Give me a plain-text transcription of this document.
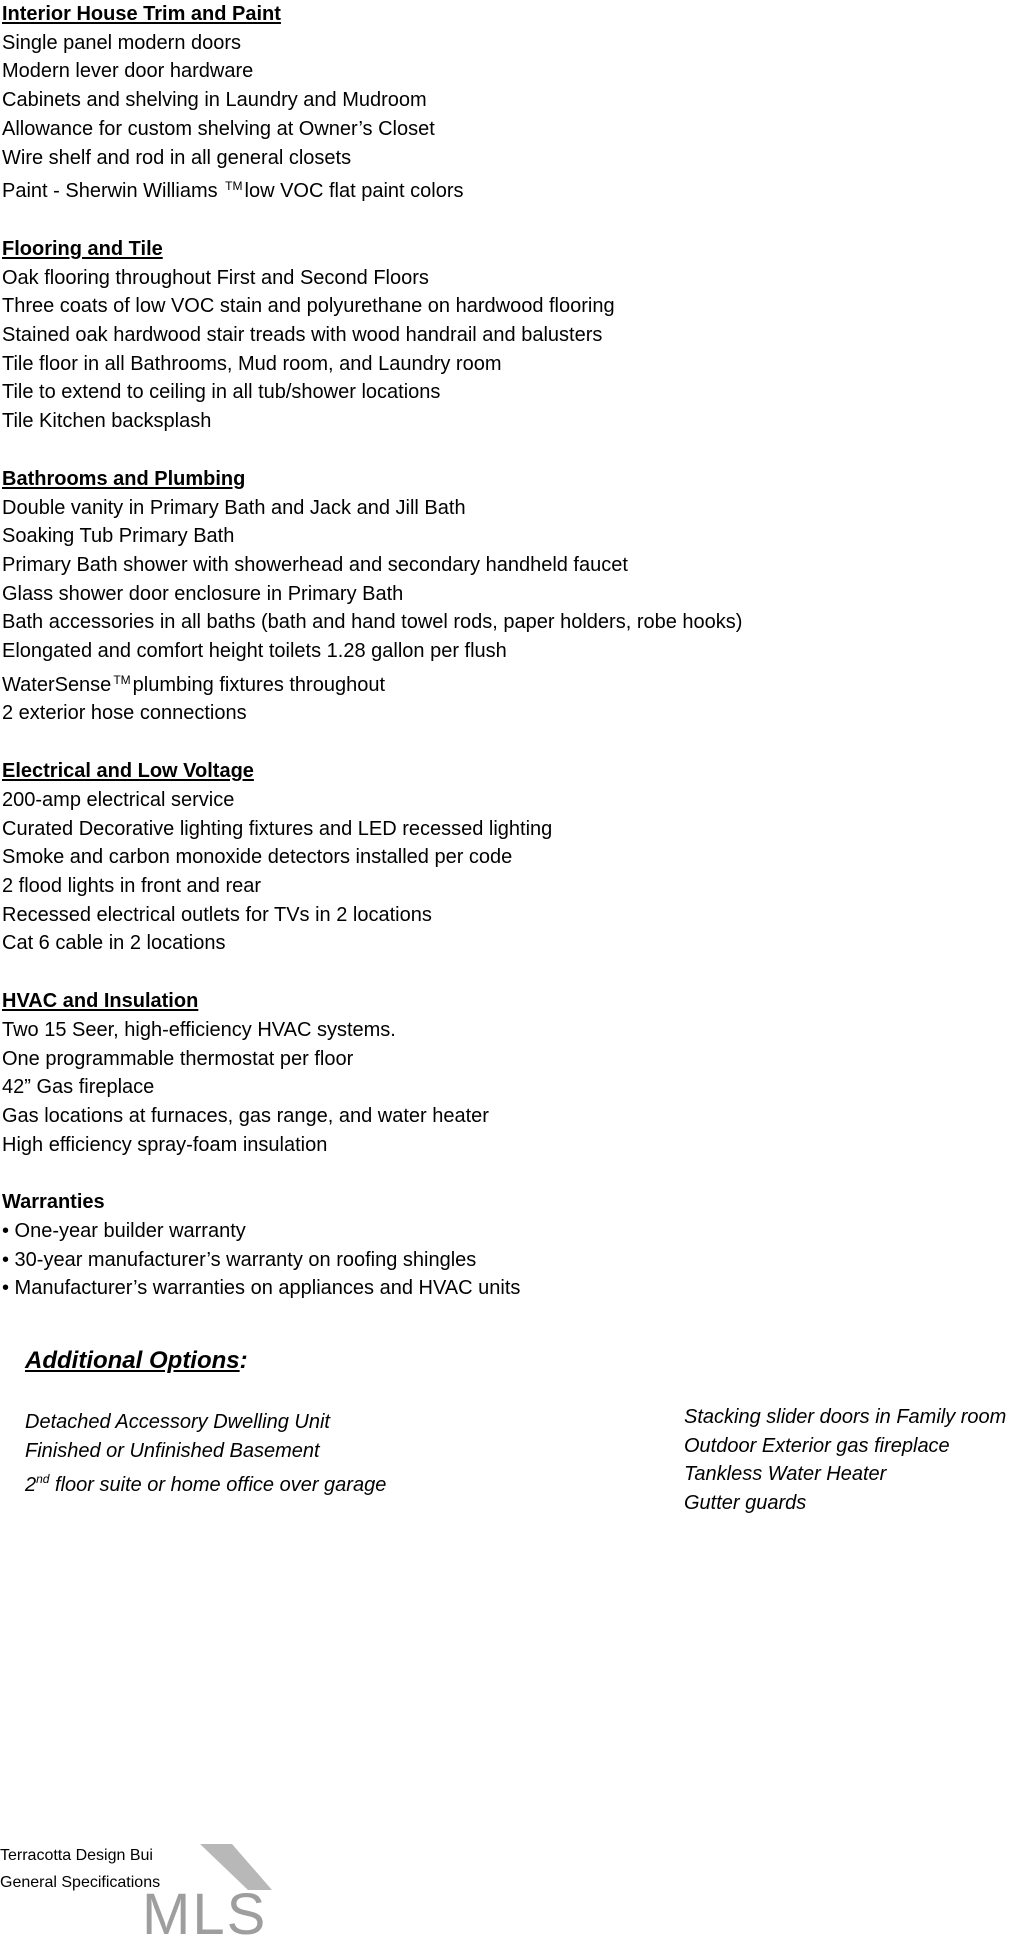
Interior House Trim and Paint
Single panel modern doors
Modern lever door hardware
Cabinets and shelving in Laundry and Mudroom
Allowance for custom shelving at Owner’s Closet
Wire shelf and rod in all general closets
Paint - Sherwin Williams ™ low VOC flat paint colors
Flooring and Tile
Oak flooring throughout First and Second Floors
Three coats of low VOC stain and polyurethane on hardwood flooring
Stained oak hardwood stair treads with wood handrail and balusters
Tile floor in all Bathrooms, Mud room, and Laundry room
Tile to extend to ceiling in all tub/shower locations
Tile Kitchen backsplash
Bathrooms and Plumbing
Double vanity in Primary Bath and Jack and Jill Bath
Soaking Tub Primary Bath
Primary Bath shower with showerhead and secondary handheld faucet
Glass shower door enclosure in Primary Bath
Bath accessories in all baths (bath and hand towel rods, paper holders, robe hooks)
Elongated and comfort height toilets 1.28 gallon per flush
WaterSense ™ plumbing fixtures throughout
2 exterior hose connections
Electrical and Low Voltage
200-amp electrical service
Curated Decorative lighting fixtures and LED recessed lighting
Smoke and carbon monoxide detectors installed per code
2 flood lights in front and rear
Recessed electrical outlets for TVs in 2 locations
Cat 6 cable in 2 locations
HVAC and Insulation
Two 15 Seer, high-efficiency HVAC systems.
One programmable thermostat per floor
42” Gas fireplace
Gas locations at furnaces, gas range, and water heater
High efficiency spray-foam insulation
Warranties
• One-year builder warranty
• 30-year manufacturer’s warranty on roofing shingles
• Manufacturer’s warranties on appliances and HVAC units
Additional Options:
Detached Accessory Dwelling Unit
Finished or Unfinished Basement
2nd floor suite or home office over garage
Stacking slider doors in Family room
Outdoor Exterior gas fireplace
Tankless Water Heater
Gutter guards
Terracotta Design Bui
General Specifications
MLS
